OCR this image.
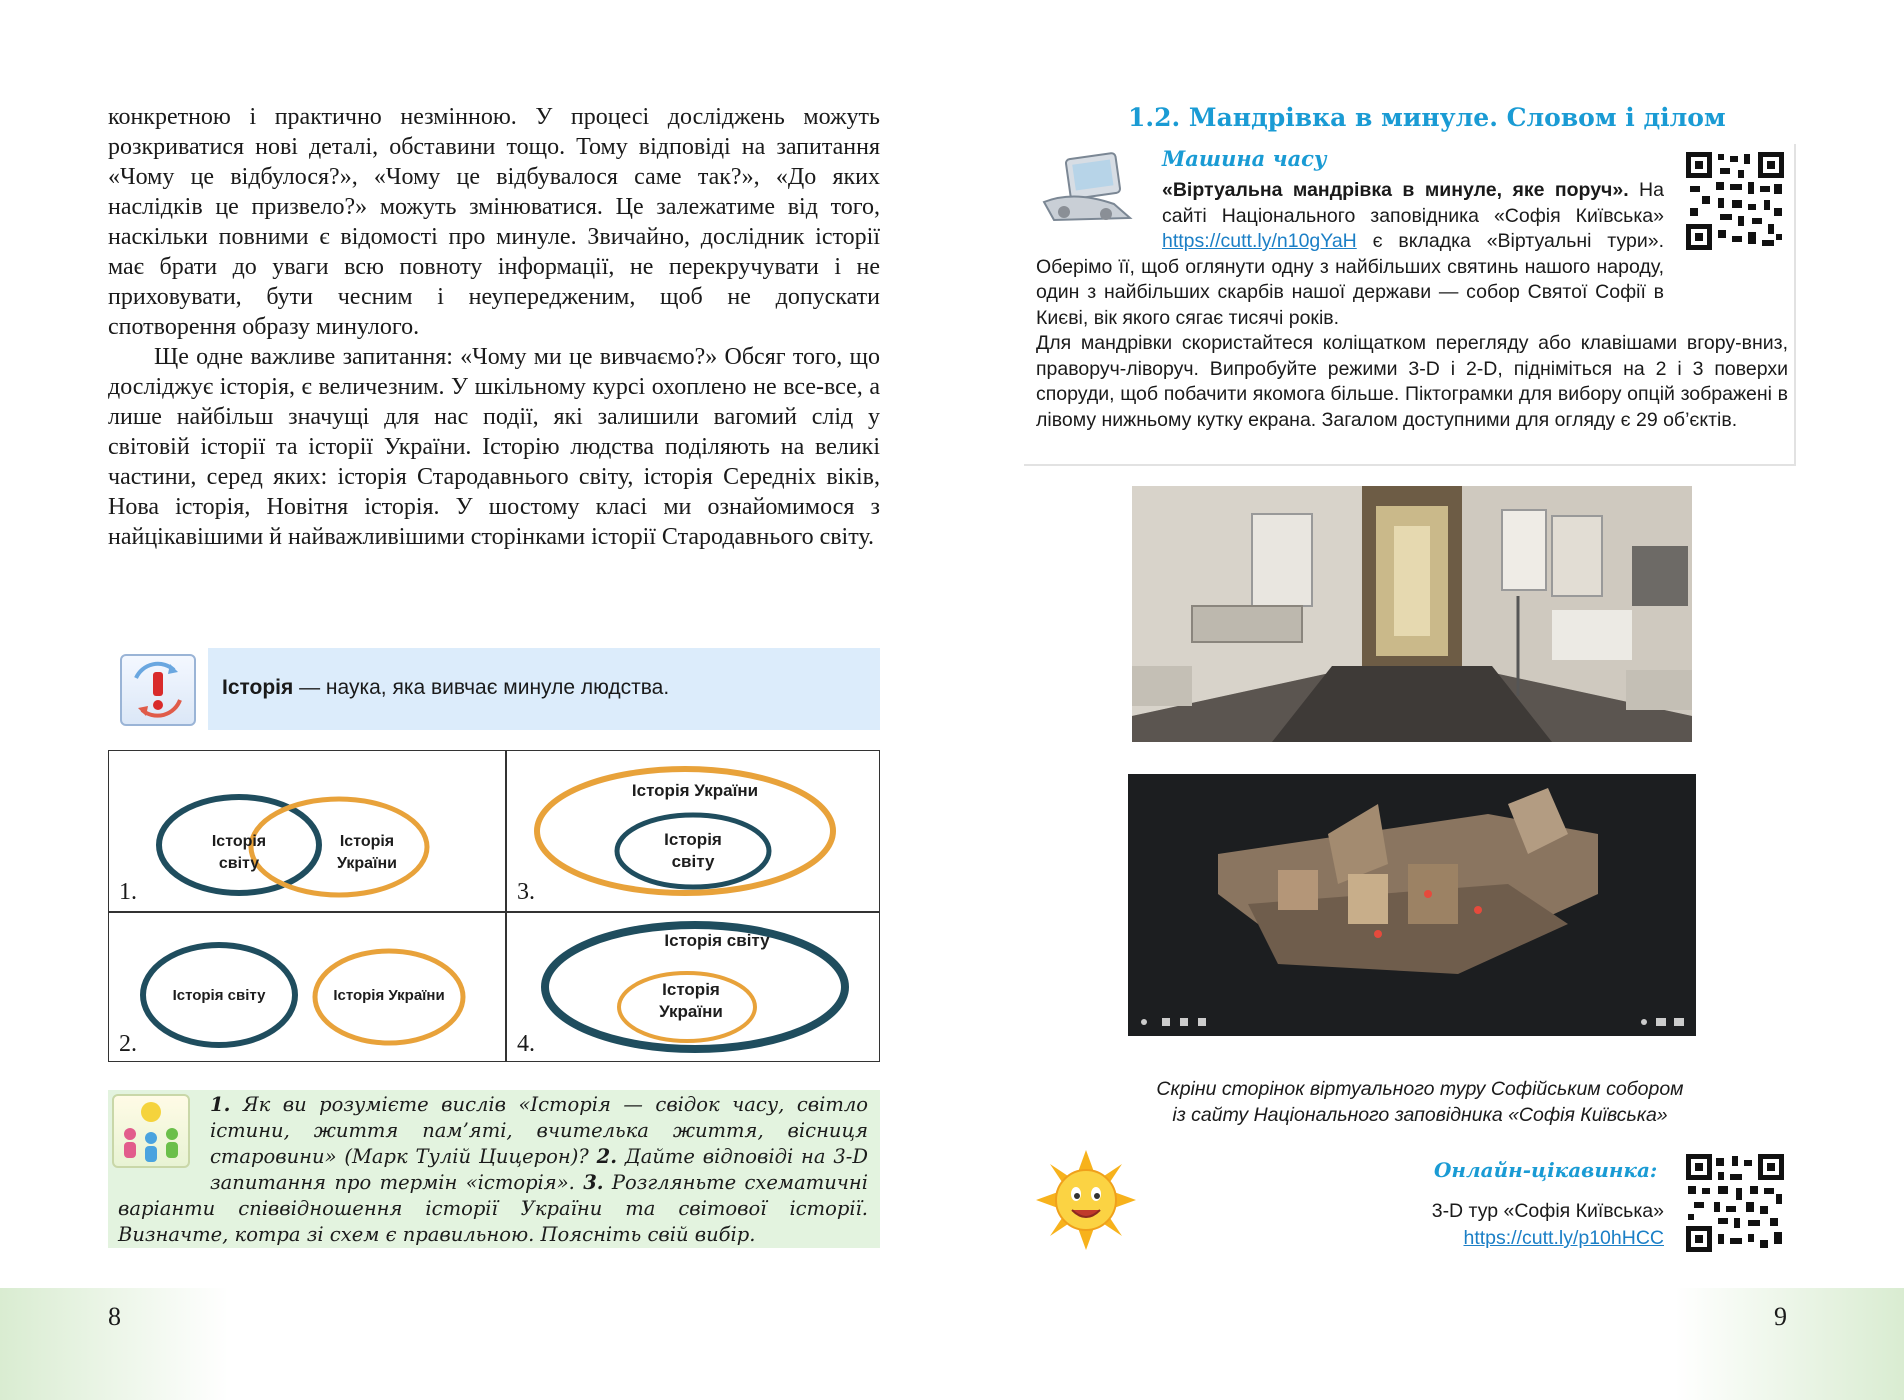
конкретною і практично незмінною. У процесі досліджень можуть розкриватися нові деталі, обставини тощо. Тому відповіді на запитання «Чому це відбулося?», «Чому це відбувалося саме так?», «До яких наслідків це призвело?» можуть змінюватися. Це залежатиме від того, наскільки повними є відомості про минуле. Звичайно, дослідник історії має брати до уваги всю повноту інформації, не перекручувати і не приховувати, бути чесним і неупередженим, щоб не допускати спотворення образу минулого.

Ще одне важливе запитання: «Чому ми це вивчаємо?» Обсяг того, що досліджує історія, є величезним. У шкільному курсі охоплено не все-все, а лише найбільш значущі для нас події, які залишили вагомий слід у світовій історії та історії України. Історію людства поділяють на великі частини, серед яких: історія Стародавнього світу, історія Середніх віків, Нова історія, Новітня історія. У шостому класі ми ознайомимося з найцікавішими й найважливішими сторінками історії Стародавнього світу.

Історія — наука, яка вивчає минуле людства.
Історія
світу
Історія
України
1.
Історія України
Історія
світу
3.
Історія світу	Історія України
2.
Історія світу
Історія
України
4.
1. Як ви розумієте вислів «Історія — свідок часу, світло істини, життя пам’яті, вчителька життя, вісниця старовини» (Марк Тулій Цицерон)? 2. Дайте відповіді на 3-D запитання про термін «історія». 3. Розгляньте схематичні варіанти співвідношення історії України та світової історії. Визначте, котра зі схем є правильною. Поясніть свій вибір.
8	9
1.2. Мандрівка в минуле. Словом і ділом
Машина часу

«Віртуальна мандрівка в минуле, яке поруч». На сайті Національного заповідника «Софія Київська» https://cutt.ly/n10gYaH є вкладка «Віртуальні тури». Оберімо її, щоб оглянути одну з найбільших святинь нашого народу, один з найбільших скарбів нашої держави — собор Святої Софії в Києві, вік якого сягає тисячі років.

Для мандрівки скористайтеся коліщатком перегляду або клавішами вгору-вниз, праворуч-ліворуч. Випробуйте режими 3-D і 2-D, підніміться на 2 і 3 поверхи споруди, щоб побачити якомога більше. Піктограмки для вибору опцій зображені в лівому нижньому кутку екрана. Загалом доступними для огляду є 29 об’єктів.

Скріни сторінок віртуального туру Софійським собором
із сайту Національного заповідника «Софія Київська»
Онлайн-цікавинка:
3-D тур «Софія Київська»
https://cutt.ly/p10hHCC
